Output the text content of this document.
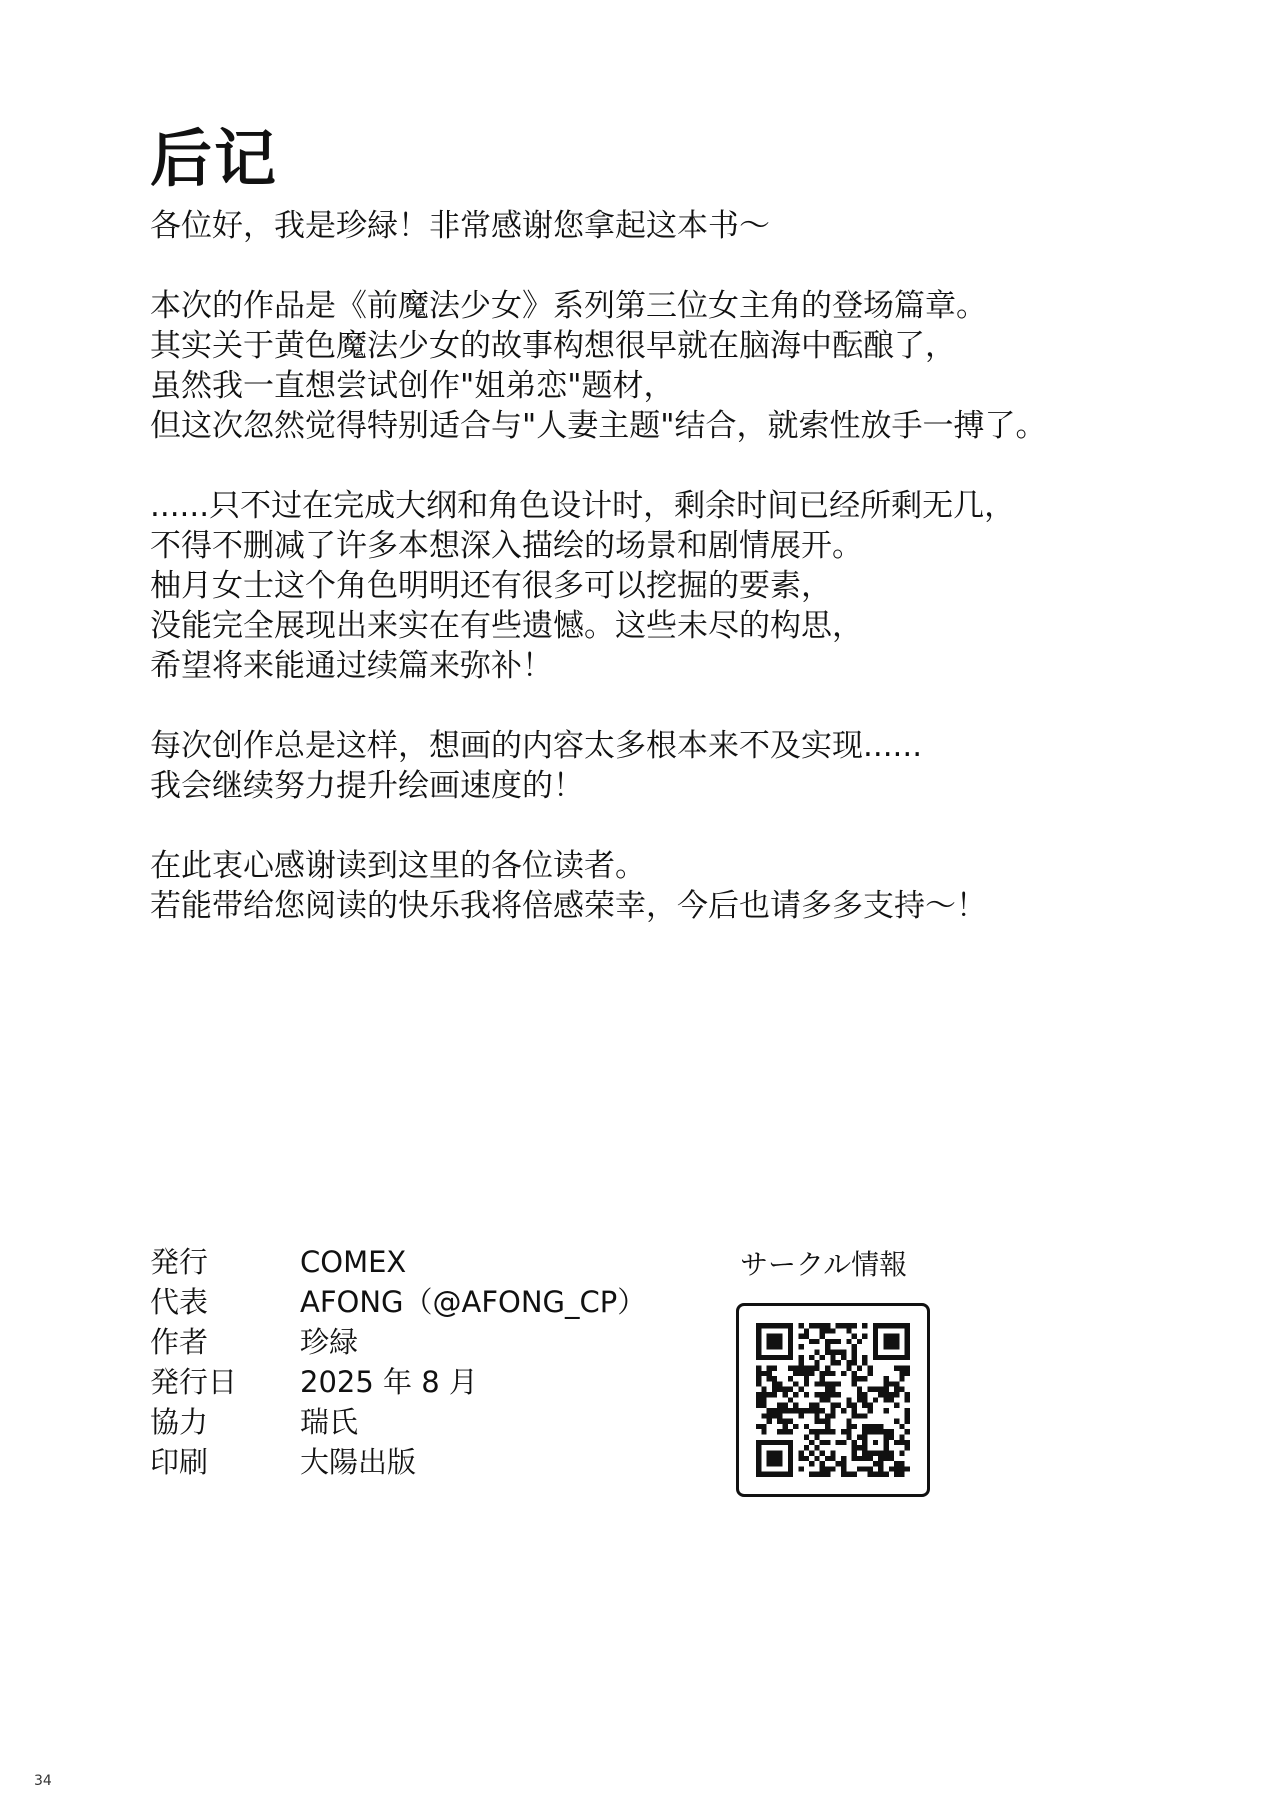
后记
各位好，我是珍緑！非常感谢您拿起这本书～
本次的作品是《前魔法少女》系列第三位女主角的登场篇章。
其实关于黄色魔法少女的故事构想很早就在脑海中酝酿了，
虽然我一直想尝试创作"姐弟恋"题材，
但这次忽然觉得特别适合与"人妻主题"结合，就索性放手一搏了。
......只不过在完成大纲和角色设计时，剩余时间已经所剩无几，
不得不删减了许多本想深入描绘的场景和剧情展开。
柚月女士这个角色明明还有很多可以挖掘的要素，
没能完全展现出来实在有些遗憾。这些未尽的构思，
希望将来能通过续篇来弥补！
每次创作总是这样，想画的内容太多根本来不及实现......
我会继续努力提升绘画速度的！
在此衷心感谢读到这里的各位读者。
若能带给您阅读的快乐我将倍感荣幸，今后也请多多支持～！
発行	COMEX
代表	AFONG（@AFONG_CP）
作者	珍緑
発行日 2025 年 8 月
協力	瑞氏
印刷	大陽出版
サークル情報
34
